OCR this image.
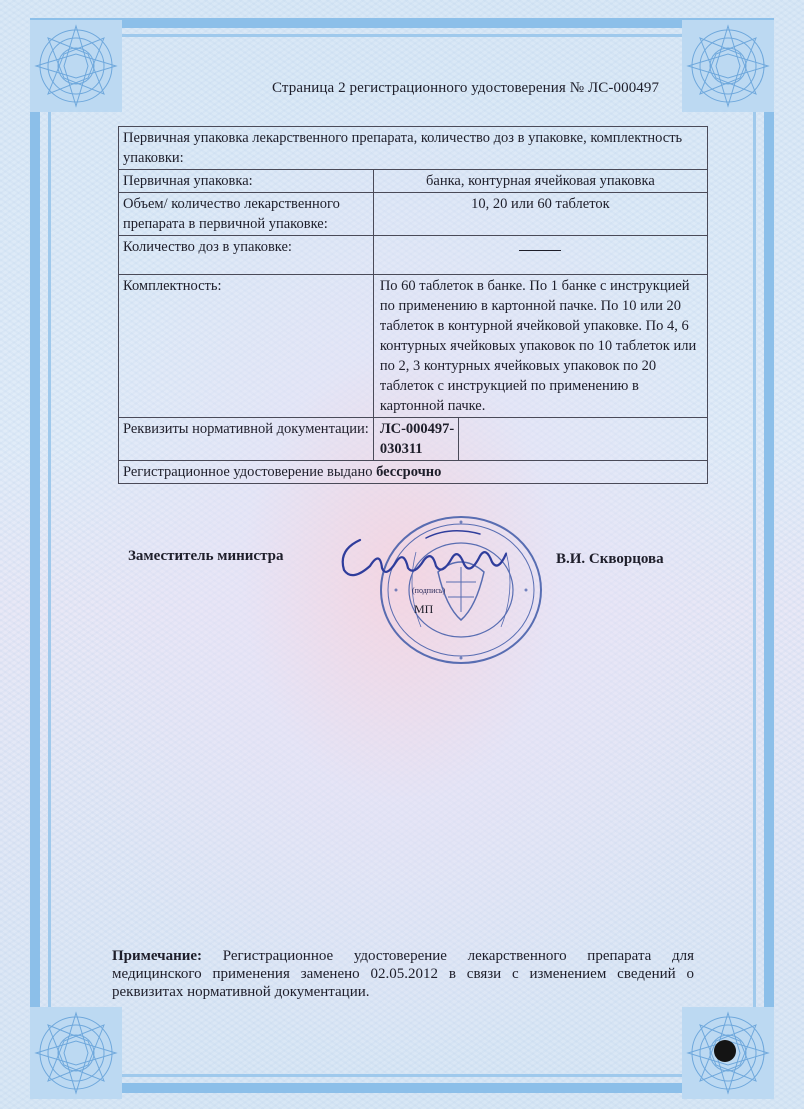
Страница 2 регистрационного удостоверения № ЛС-000497
Первичная упаковка лекарственного препарата, количество доз в упаковке, комплектность упаковки:
Первичная упаковка:	банка, контурная ячейковая упаковка
Объем/ количество лекарственного препарата в первичной упаковке:	10, 20 или 60 таблеток
Количество доз в упаковке:	
Комплектность:	По 60 таблеток в банке. По 1 банке с инструкцией по применению в картонной пачке. По 10 или 20 таблеток в контурной ячейковой упаковке. По 4, 6 контурных ячейковых упаковок по 10 таблеток или по 2, 3 контурных ячейковых упаковок по 20 таблеток с инструкцией по применению в картонной пачке.
Реквизиты нормативной документации:	ЛС-000497-030311	

Регистрационное удостоверение выдано бессрочно
Заместитель министра	В.И. Скворцова
(подпись)
МП
Примечание: Регистрационное удостоверение лекарственного препарата для медицинского применения заменено 02.05.2012 в связи с изменением сведений о реквизитах нормативной документации.
